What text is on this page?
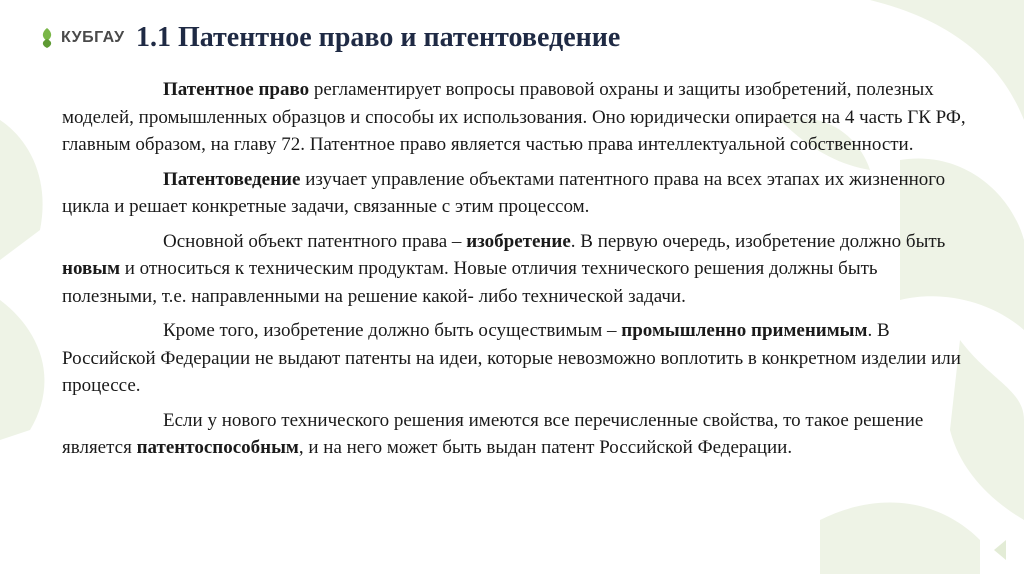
КУБГАУ 1.1 Патентное право и патентоведение

Патентное право регламентирует вопросы правовой охраны и защиты изобретений, полезных моделей, промышленных образцов и способы их использования. Оно юридически опирается на 4 часть ГК РФ, главным образом, на главу 72. Патентное право является частью права интеллектуальной собственности.

Патентоведение изучает управление объектами патентного права на всех этапах их жизненного цикла и решает конкретные задачи, связанные с этим процессом.

Основной объект патентного права – изобретение. В первую очередь, изобретение должно быть новым и относиться к техническим продуктам. Новые отличия технического решения должны быть полезными, т.е. направленными на решение какой- либо технической задачи.

Кроме того, изобретение должно быть осуществимым – промышленно применимым. В Российской Федерации не выдают патенты на идеи, которые невозможно воплотить в конкретном изделии или процессе.

Если у нового технического решения имеются все перечисленные свойства, то такое решение является патентоспособным, и на него может быть выдан патент Российской Федерации.
